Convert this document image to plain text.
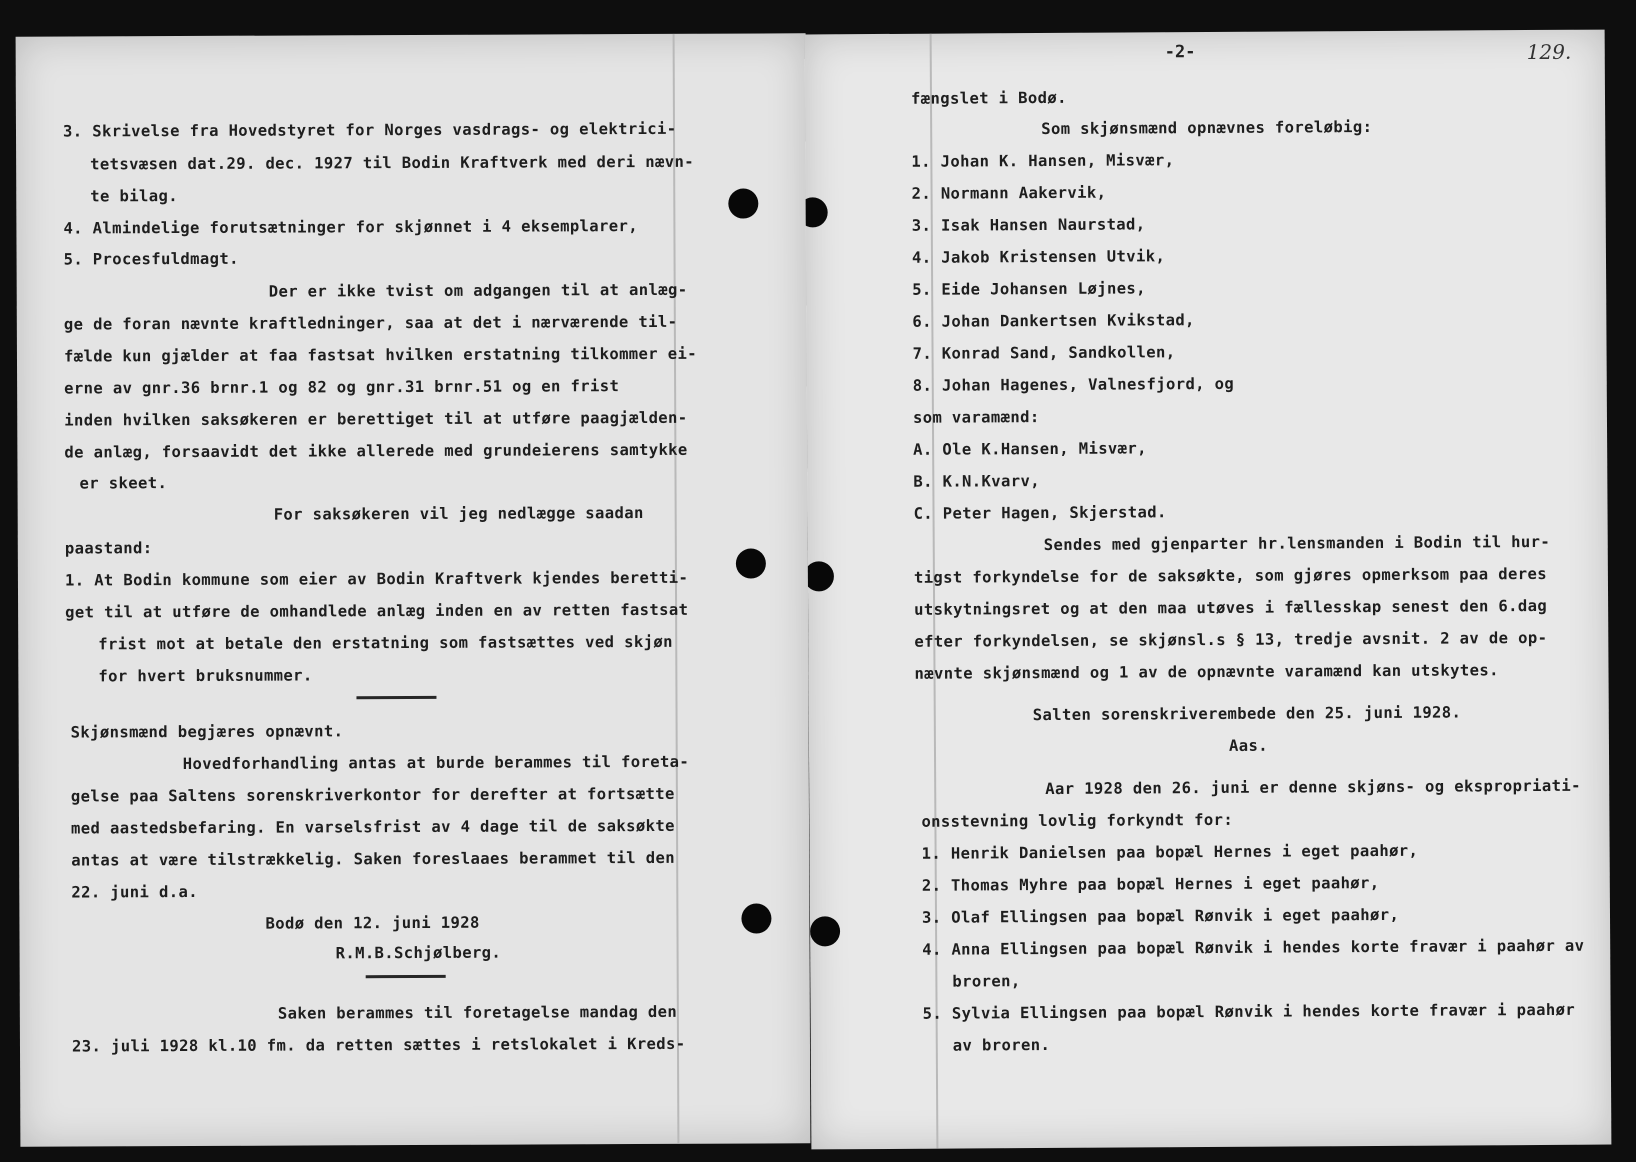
3. Skrivelse fra Hovedstyret for Norges vasdrags- og elektrici-
tetsvæsen dat.29. dec. 1927 til Bodin Kraftverk med deri nævn-
te bilag.
4. Almindelige forutsætninger for skjønnet i 4 eksemplarer,
5. Procesfuldmagt.
Der er ikke tvist om adgangen til at anlæg-
ge de foran nævnte kraftledninger, saa at det i nærværende til-
fælde kun gjælder at faa fastsat hvilken erstatning tilkommer ei-
erne av gnr.36 brnr.1 og 82 og gnr.31 brnr.51 og en frist
inden hvilken saksøkeren er berettiget til at utføre paagjælden-
de anlæg, forsaavidt det ikke allerede med grundeierens samtykke
er skeet.
For saksøkeren vil jeg nedlægge saadan
paastand:
1. At Bodin kommune som eier av Bodin Kraftverk kjendes beretti-
get til at utføre de omhandlede anlæg inden en av retten fastsat
frist mot at betale den erstatning som fastsættes ved skjøn
for hvert bruksnummer.
Skjønsmænd begjæres opnævnt.
Hovedforhandling antas at burde berammes til foreta-
gelse paa Saltens sorenskriverkontor for derefter at fortsætte
med aastedsbefaring. En varselsfrist av 4 dage til de saksøkte
antas at være tilstrækkelig. Saken foreslaaes berammet til den
22. juni d.a.
Bodø den 12. juni 1928
R.M.B.Schjølberg.
Saken berammes til foretagelse mandag den
23. juli 1928 kl.10 fm. da retten sættes i retslokalet i Kreds-
-2-	129.
fængslet i Bodø.
Som skjønsmænd opnævnes foreløbig:
1. Johan K. Hansen, Misvær,
2. Normann Aakervik,
3. Isak Hansen Naurstad,
4. Jakob Kristensen Utvik,
5. Eide Johansen Løjnes,
6. Johan Dankertsen Kvikstad,
7. Konrad Sand, Sandkollen,
8. Johan Hagenes, Valnesfjord, og
som varamænd:
A. Ole K.Hansen, Misvær,
B. K.N.Kvarv,
C. Peter Hagen, Skjerstad.
Sendes med gjenparter hr.lensmanden i Bodin til hur-
tigst forkyndelse for de saksøkte, som gjøres opmerksom paa deres
utskytningsret og at den maa utøves i fællesskap senest den 6.dag
efter forkyndelsen, se skjønsl.s § 13, tredje avsnit. 2 av de op-
nævnte skjønsmænd og 1 av de opnævnte varamænd kan utskytes.
Salten sorenskriverembede den 25. juni 1928.
Aas.
Aar 1928 den 26. juni er denne skjøns- og ekspropriati-
onsstevning lovlig forkyndt for:
1. Henrik Danielsen paa bopæl Hernes i eget paahør,
2. Thomas Myhre paa bopæl Hernes i eget paahør,
3. Olaf Ellingsen paa bopæl Rønvik i eget paahør,
4. Anna Ellingsen paa bopæl Rønvik i hendes korte fravær i paahør av
broren,
5. Sylvia Ellingsen paa bopæl Rønvik i hendes korte fravær i paahør
av broren.
